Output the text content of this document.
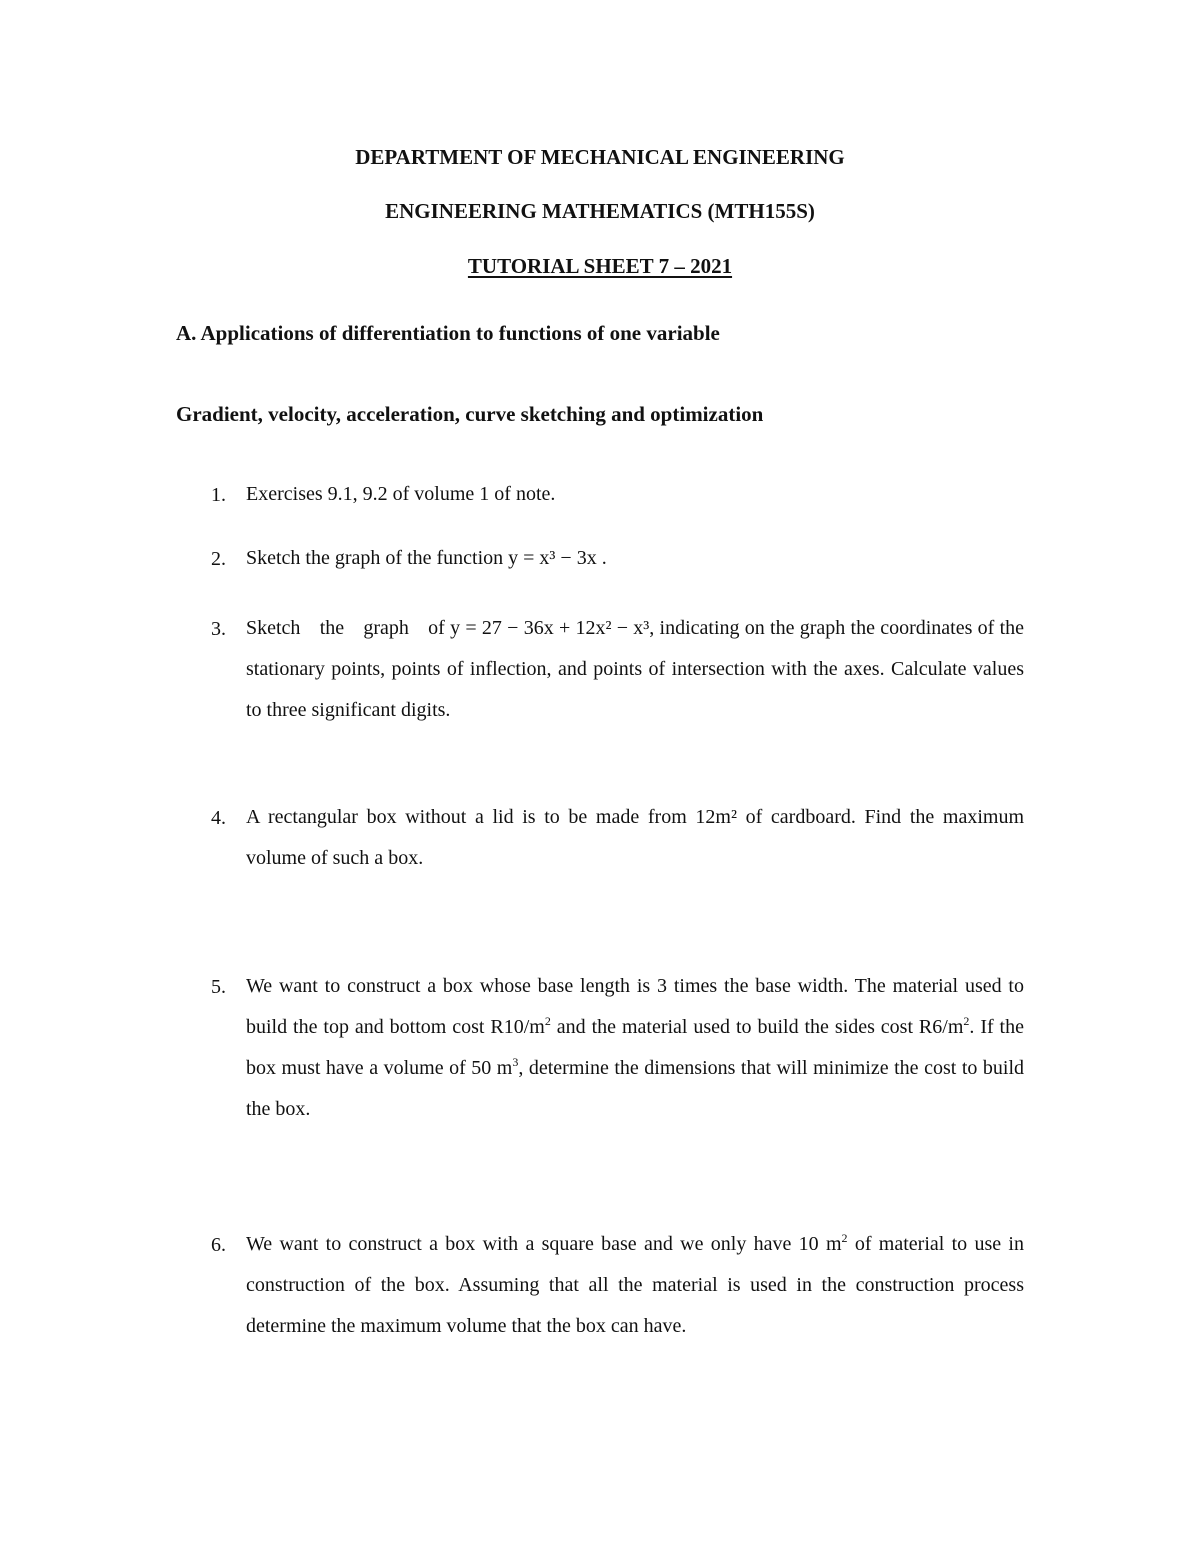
DEPARTMENT OF MECHANICAL ENGINEERING
ENGINEERING MATHEMATICS (MTH155S)
TUTORIAL SHEET 7 – 2021
A. Applications of differentiation to functions of one variable
Gradient, velocity, acceleration, curve sketching and optimization
1.	Exercises 9.1, 9.2 of volume 1 of note.
2.	Sketch the graph of the function y = x³ − 3x .
3.	Sketch the graph of y = 27 − 36x + 12x² − x³, indicating on the graph the coordinates of the stationary points, points of inflection, and points of intersection with the axes. Calculate values to three significant digits.
4.	A rectangular box without a lid is to be made from 12m² of cardboard. Find the maximum volume of such a box.
5.	We want to construct a box whose base length is 3 times the base width. The material used to build the top and bottom cost $R10/m^2$ and the material used to build the sides cost $R6/m^2$. If the box must have a volume of 50 $m^3$, determine the dimensions that will minimize the cost to build the box.
6.	We want to construct a box with a square base and we only have 10 $m^2$ of material to use in construction of the box. Assuming that all the material is used in the construction process determine the maximum volume that the box can have.
